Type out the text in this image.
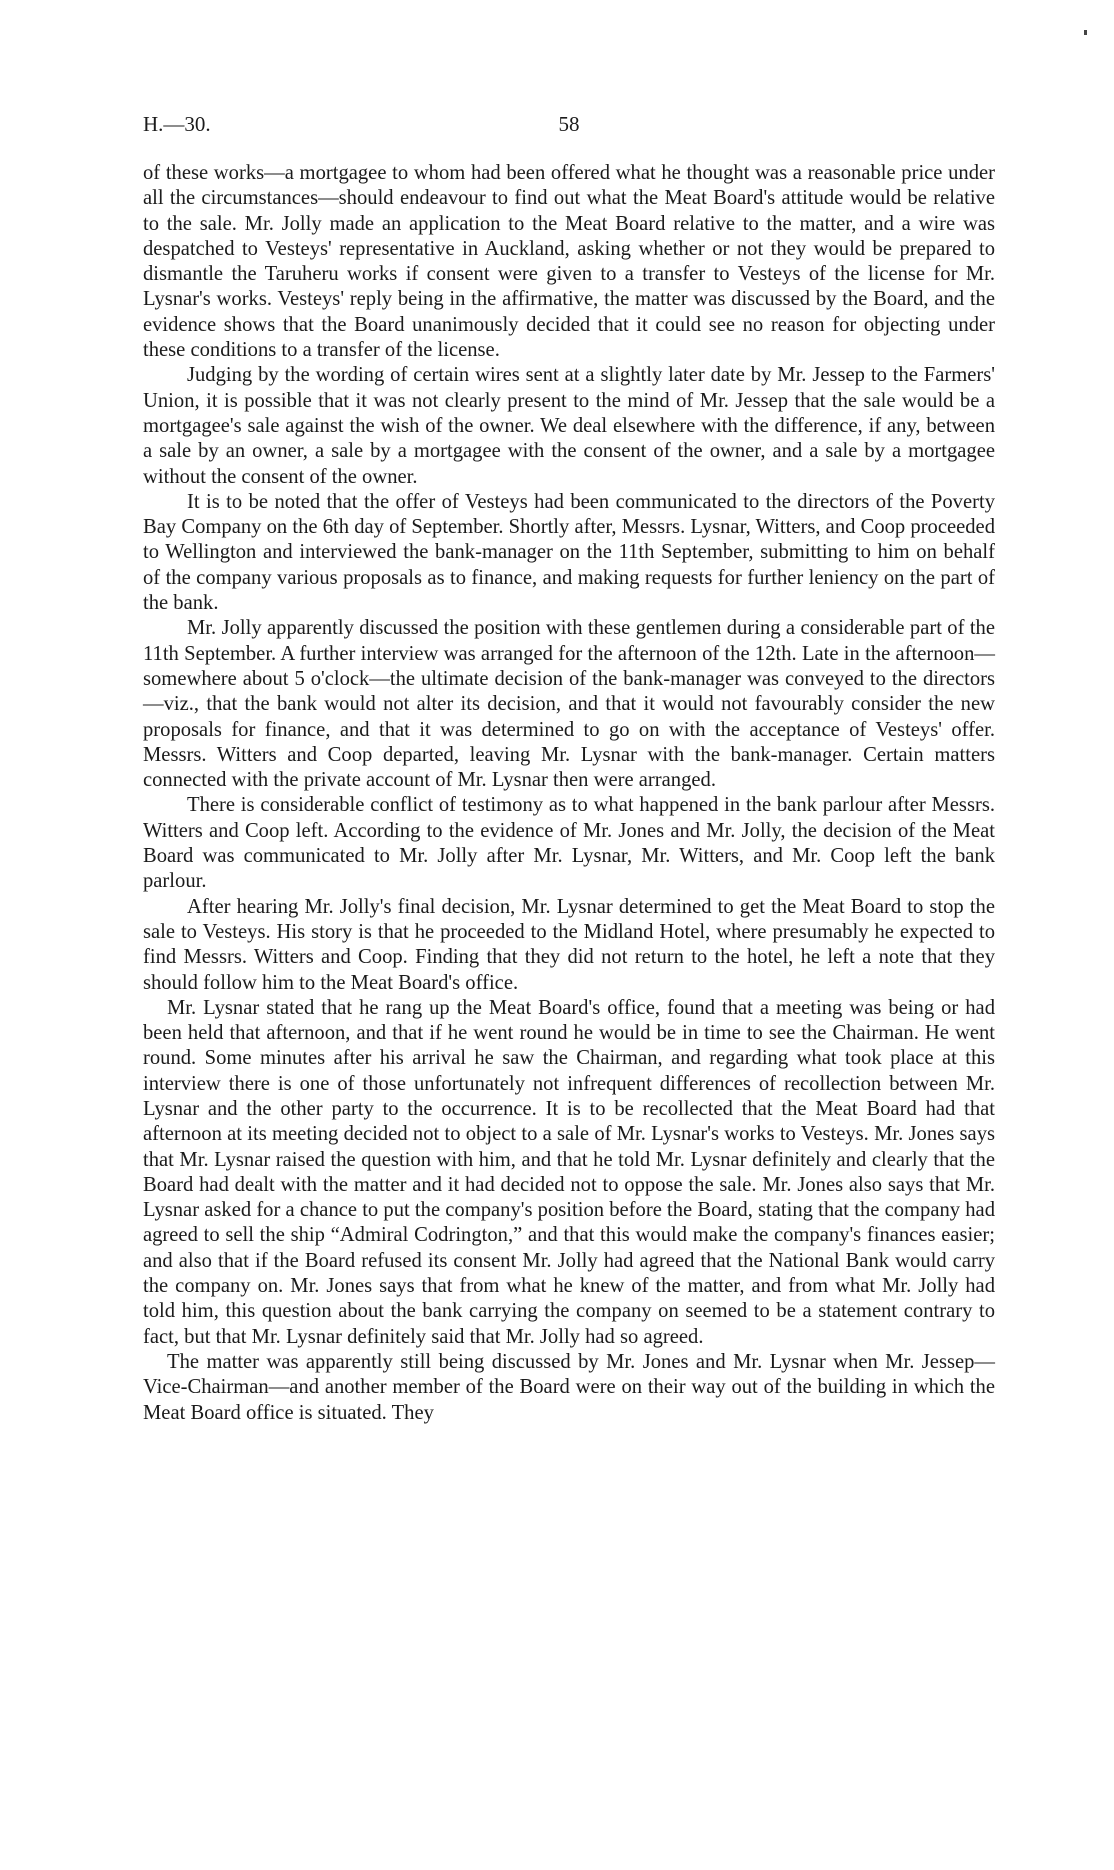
H.—30.	58

of these works—a mortgagee to whom had been offered what he thought was a reasonable price under all the circumstances—should endeavour to find out what the Meat Board's attitude would be relative to the sale. Mr. Jolly made an application to the Meat Board relative to the matter, and a wire was despatched to Vesteys' representative in Auckland, asking whether or not they would be prepared to dismantle the Taruheru works if consent were given to a transfer to Vesteys of the license for Mr. Lysnar's works. Vesteys' reply being in the affirmative, the matter was discussed by the Board, and the evidence shows that the Board unanimously decided that it could see no reason for objecting under these conditions to a transfer of the license.

Judging by the wording of certain wires sent at a slightly later date by Mr. Jessep to the Farmers' Union, it is possible that it was not clearly present to the mind of Mr. Jessep that the sale would be a mortgagee's sale against the wish of the owner. We deal elsewhere with the difference, if any, between a sale by an owner, a sale by a mortgagee with the consent of the owner, and a sale by a mortgagee without the consent of the owner.

It is to be noted that the offer of Vesteys had been communicated to the directors of the Poverty Bay Company on the 6th day of September. Shortly after, Messrs. Lysnar, Witters, and Coop proceeded to Wellington and interviewed the bank-manager on the 11th September, submitting to him on behalf of the company various proposals as to finance, and making requests for further leniency on the part of the bank.

Mr. Jolly apparently discussed the position with these gentlemen during a considerable part of the 11th September. A further interview was arranged for the afternoon of the 12th. Late in the afternoon—somewhere about 5 o'clock—the ultimate decision of the bank-manager was conveyed to the directors—viz., that the bank would not alter its decision, and that it would not favourably consider the new proposals for finance, and that it was determined to go on with the acceptance of Vesteys' offer. Messrs. Witters and Coop departed, leaving Mr. Lysnar with the bank-manager. Certain matters connected with the private account of Mr. Lysnar then were arranged.

There is considerable conflict of testimony as to what happened in the bank parlour after Messrs. Witters and Coop left. According to the evidence of Mr. Jones and Mr. Jolly, the decision of the Meat Board was communicated to Mr. Jolly after Mr. Lysnar, Mr. Witters, and Mr. Coop left the bank parlour.

After hearing Mr. Jolly's final decision, Mr. Lysnar determined to get the Meat Board to stop the sale to Vesteys. His story is that he proceeded to the Midland Hotel, where presumably he expected to find Messrs. Witters and Coop. Finding that they did not return to the hotel, he left a note that they should follow him to the Meat Board's office.

Mr. Lysnar stated that he rang up the Meat Board's office, found that a meeting was being or had been held that afternoon, and that if he went round he would be in time to see the Chairman. He went round. Some minutes after his arrival he saw the Chairman, and regarding what took place at this interview there is one of those unfortunately not infrequent differences of recollection between Mr. Lysnar and the other party to the occurrence. It is to be recollected that the Meat Board had that afternoon at its meeting decided not to object to a sale of Mr. Lysnar's works to Vesteys. Mr. Jones says that Mr. Lysnar raised the question with him, and that he told Mr. Lysnar definitely and clearly that the Board had dealt with the matter and it had decided not to oppose the sale. Mr. Jones also says that Mr. Lysnar asked for a chance to put the company's position before the Board, stating that the company had agreed to sell the ship “Admiral Codrington,” and that this would make the company's finances easier; and also that if the Board refused its consent Mr. Jolly had agreed that the National Bank would carry the company on. Mr. Jones says that from what he knew of the matter, and from what Mr. Jolly had told him, this question about the bank carrying the company on seemed to be a statement contrary to fact, but that Mr. Lysnar definitely said that Mr. Jolly had so agreed.

The matter was apparently still being discussed by Mr. Jones and Mr. Lysnar when Mr. Jessep—Vice-Chairman—and another member of the Board were on their way out of the building in which the Meat Board office is situated. They
